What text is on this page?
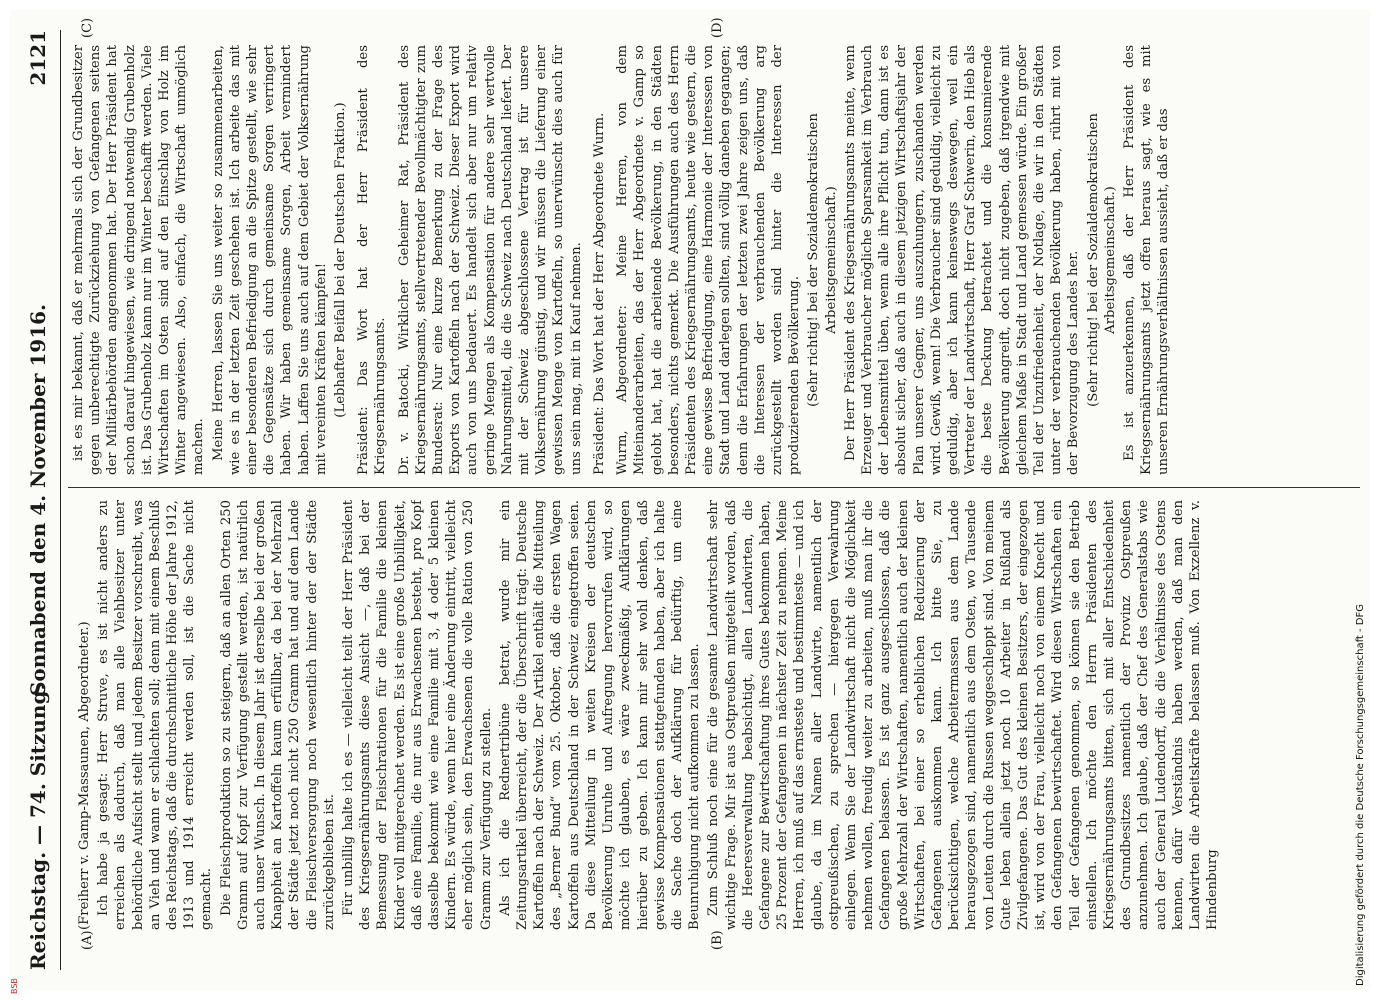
Reichstag. — 74. Sitzung.
Sonnabend den 4. November 1916.
2121
(A)	(B)
(C)	(D)

(Freiherr v. Gamp-Massaunen, Abgeordneter.) Ich habe ja gesagt: Herr Struve, es ist nicht anders zu erreichen als dadurch, daß man alle Viehbesitzer unter behördliche Aufsicht stellt und jedem Besitzer vorschreibt, was an Vieh und wann er schlachten soll; denn mit einem Beschluß des Reichstags, daß die durchschnittliche Höhe der Jahre 1912, 1913 und 1914 erreicht werden soll, ist die Sache nicht gemacht. Die Fleischproduktion so zu steigern, daß an allen Orten 250 Gramm auf Kopf zur Verfügung gestellt werden, ist natürlich auch unser Wunsch. In diesem Jahr ist derselbe bei der großen Knappheit an Kartoffeln kaum erfüllbar, da bei der Mehrzahl der Städte jetzt noch nicht 250 Gramm hat und auf dem Lande die Fleischversorgung noch wesentlich hinter der der Städte zurückgeblieben ist. Für unbillig halte ich es — vielleicht teilt der Herr Präsident des Kriegsernährungsamts diese Ansicht —, daß bei der Bemessung der Fleischrationen für die Familie die kleinen Kinder voll mitgerechnet werden. Es ist eine große Unbilligkeit, daß eine Familie, die nur aus Erwachsenen besteht, pro Kopf dasselbe bekommt wie eine Familie mit 3, 4 oder 5 kleinen Kindern. Es würde, wenn hier eine Änderung eintritt, vielleicht eher möglich sein, den Erwachsenen die volle Ration von 250 Gramm zur Verfügung zu stellen. Als ich die Rednertribüne betrat, wurde mir ein Zeitungsartikel überreicht, der die Überschrift trägt: Deutsche Kartoffeln nach der Schweiz. Der Artikel enthält die Mitteilung des „Berner Bund“ vom 25. Oktober, daß die ersten Wagen Kartoffeln aus Deutschland in der Schweiz eingetroffen seien. Da diese Mitteilung in weiten Kreisen der deutschen Bevölkerung Unruhe und Aufregung hervorrufen wird, so möchte ich glauben, es wäre zweckmäßig, Aufklärungen hierüber zu geben. Ich kann mir sehr wohl denken, daß gewisse Kompensationen stattgefunden haben, aber ich halte die Sache doch der Aufklärung für bedürftig, um eine Beunruhigung nicht aufkommen zu lassen. Zum Schluß noch eine für die gesamte Landwirtschaft sehr wichtige Frage. Mir ist aus Ostpreußen mitgeteilt worden, daß die Heeresverwaltung beabsichtigt, allen Landwirten, die Gefangene zur Bewirtschaftung ihres Gutes bekommen haben, 25 Prozent der Gefangenen in nächster Zeit zu nehmen. Meine Herren, ich muß auf das ernsteste und bestimmteste — und ich glaube, da im Namen aller Landwirte, namentlich der ostpreußischen, zu sprechen — hiergegen Verwahrung einlegen. Wenn Sie der Landwirtschaft nicht die Möglichkeit nehmen wollen, freudig weiter zu arbeiten, muß man ihr die Gefangenen belassen. Es ist ganz ausgeschlossen, daß die große Mehrzahl der Wirtschaften, namentlich auch der kleinen Wirtschaften, bei einer so erheblichen Reduzierung der Gefangenen auskommen kann. Ich bitte Sie, zu berücksichtigen, welche Arbeitermassen aus dem Lande herausgezogen sind, namentlich aus dem Osten, wo Tausende von Leuten durch die Russen weggeschleppt sind. Von meinem Gute leben allein jetzt noch 10 Arbeiter in Rußland als Zivilgefangene. Das Gut des kleinen Besitzers, der eingezogen ist, wird von der Frau, vielleicht noch von einem Knecht und den Gefangenen bewirtschaftet. Wird diesen Wirtschaften ein Teil der Gefangenen genommen, so können sie den Betrieb einstellen. Ich möchte den Herrn Präsidenten des Kriegsernährungsamts bitten, sich mit aller Entschiedenheit des Grundbesitzes namentlich der Provinz Ostpreußen anzunehmen. Ich glaube, daß der Chef des Generalstabs wie auch der General Ludendorff, die die Verhältnisse des Ostens kennen, dafür Verständnis haben werden, daß man den Landwirten die Arbeitskräfte belassen muß. Von Exzellenz v. Hindenburg

ist es mir bekannt, daß er mehrmals sich der Grundbesitzer gegen unberechtigte Zurückziehung von Gefangenen seitens der Militärbehörden angenommen hat. Der Herr Präsident hat schon darauf hingewiesen, wie dringend notwendig Grubenholz ist. Das Grubenholz kann nur im Winter beschafft werden. Viele Wirtschaften im Osten sind auf den Einschlag von Holz im Winter angewiesen. Also, einfach, die Wirtschaft unmöglich machen. Meine Herren, lassen Sie uns weiter so zusammenarbeiten, wie es in der letzten Zeit geschehen ist. Ich arbeite das mit einer besonderen Befriedigung an die Spitze gestellt, wie sehr die Gegensätze sich durch gemeinsame Sorgen verringert haben. Wir haben gemeinsame Sorgen, Arbeit vermindert haben. Laffen Sie uns auch auf dem Gebiet der Volksernährung mit vereinten Kräften kämpfen! (Lebhafter Beifall bei der Deutschen Fraktion.) Präsident: Das Wort hat der Herr Präsident des Kriegsernährungsamts. Dr. v. Batocki, Wirklicher Geheimer Rat, Präsident des Kriegsernährungsamts, stellvertretender Bevollmächtigter zum Bundesrat: Nur eine kurze Bemerkung zu der Frage des Exports von Kartoffeln nach der Schweiz. Dieser Export wird auch von uns bedauert. Es handelt sich aber nur um relativ geringe Mengen als Kompensation für andere sehr wertvolle Nahrungsmittel, die die Schweiz nach Deutschland liefert. Der mit der Schweiz abgeschlossene Vertrag ist für unsere Volksernährung günstig, und wir müssen die Lieferung einer gewissen Menge von Kartoffeln, so unerwünscht dies auch für uns sein mag, mit in Kauf nehmen. Präsident: Das Wort hat der Herr Abgeordnete Wurm. Wurm, Abgeordneter: Meine Herren, von dem Miteinanderarbeiten, das der Herr Abgeordnete v. Gamp so gelobt hat, hat die arbeitende Bevölkerung, in den Städten besonders, nichts gemerkt. Die Ausführungen auch des Herrn Präsidenten des Kriegsernährungsamts, heute wie gestern, die eine gewisse Befriedigung, eine Harmonie der Interessen von Stadt und Land darlegen sollten, sind völlig daneben gegangen; denn die Erfahrungen der letzten zwei Jahre zeigen uns, daß die Interessen der verbrauchenden Bevölkerung arg zurückgestellt worden sind hinter die Interessen der produzierenden Bevölkerung. (Sehr richtig! bei der Sozialdemokratischen Arbeitsgemeinschaft.) Der Herr Präsident des Kriegsernährungsamts meinte, wenn Erzeuger und Verbraucher mögliche Sparsamkeit im Verbrauch der Lebensmittel üben, wenn alle ihre Pflicht tun, dann ist es absolut sicher, daß auch in diesem jetzigen Wirtschaftsjahr der Plan unserer Gegner, uns auszuhungern, zuschanden werden wird. Gewiß, wenn! Die Verbraucher sind geduldig, vielleicht zu geduldig, aber ich kann keineswegs deswegen, weil ein Vertreter der Landwirtschaft, Herr Graf Schwerin, den Hieb als die beste Deckung betrachtet und die konsumierende Bevölkerung angreift, doch nicht zugeben, daß irgendwie mit gleichem Maße in Stadt und Land gemessen würde. Ein großer Teil der Unzufriedenheit, der Notlage, die wir in den Städten unter der verbrauchenden Bevölkerung haben, rührt mit von der Bevorzugung des Landes her. (Sehr richtig! bei der Sozialdemokratischen Arbeitsgemeinschaft.) Es ist anzuerkennen, daß der Herr Präsident des Kriegsernährungsamts jetzt offen heraus sagt, wie es mit unseren Ernährungsverhältnissen aussieht, daß er das

Digitalisierung gefördert durch die Deutsche Forschungsgemeinschaft - DFG
BSB
